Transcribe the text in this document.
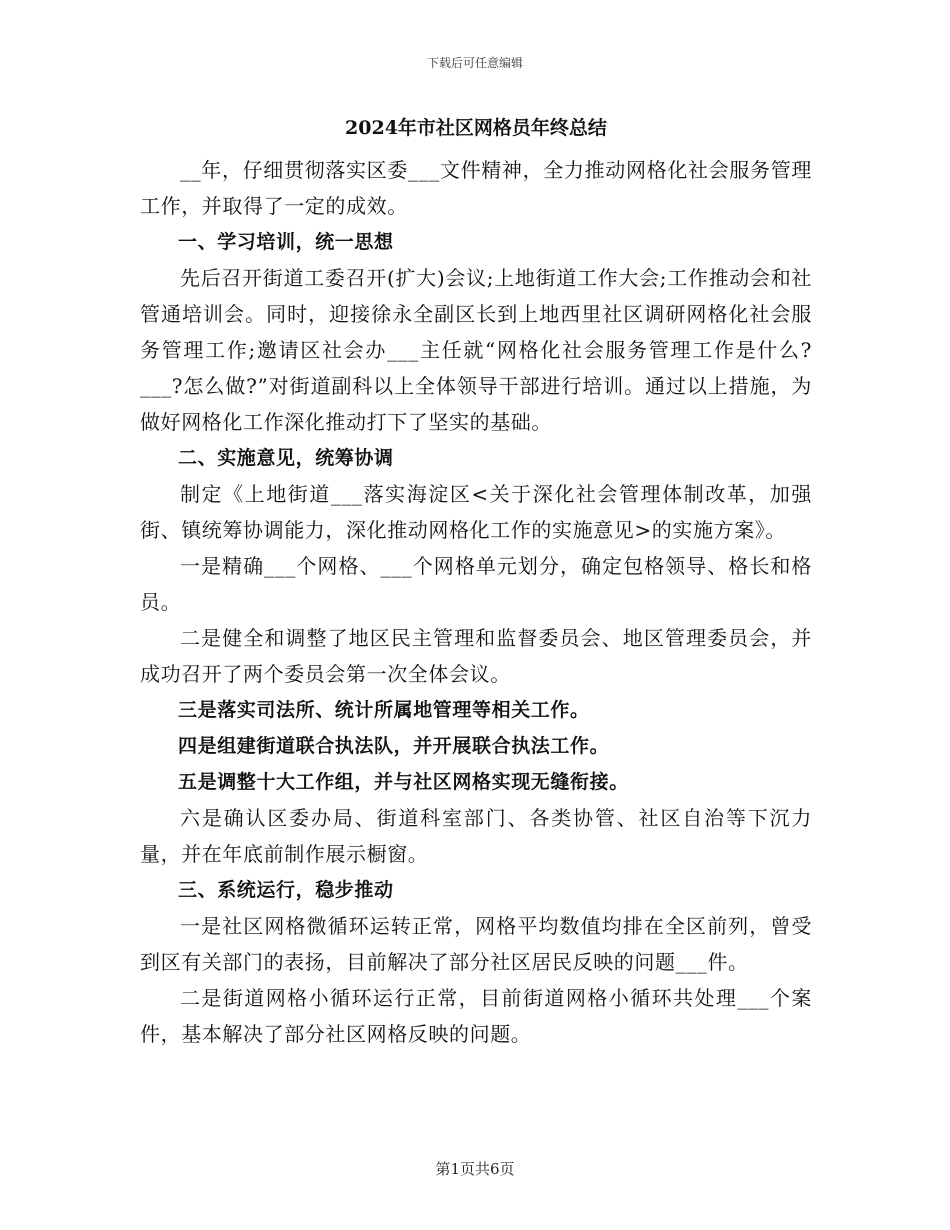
下载后可任意编辑
2024年市社区网格员年终总结

__年，仔细贯彻落实区委___文件精神，全力推动网格化社会服务管理工作，并取得了一定的成效。

一、学习培训，统一思想

先后召开街道工委召开(扩大)会议;上地街道工作大会;工作推动会和社管通培训会。同时，迎接徐永全副区长到上地西里社区调研网格化社会服务管理工作;邀请区社会办___主任就“网格化社会服务管理工作是什么?___?怎么做?”对街道副科以上全体领导干部进行培训。通过以上措施，为做好网格化工作深化推动打下了坚实的基础。

二、实施意见，统筹协调

制定《上地街道___落实海淀区<关于深化社会管理体制改革，加强街、镇统筹协调能力，深化推动网格化工作的实施意见>的实施方案》。

一是精确___个网格、___个网格单元划分，确定包格领导、格长和格员。

二是健全和调整了地区民主管理和监督委员会、地区管理委员会，并成功召开了两个委员会第一次全体会议。

三是落实司法所、统计所属地管理等相关工作。

四是组建街道联合执法队，并开展联合执法工作。

五是调整十大工作组，并与社区网格实现无缝衔接。

六是确认区委办局、街道科室部门、各类协管、社区自治等下沉力量，并在年底前制作展示橱窗。

三、系统运行，稳步推动

一是社区网格微循环运转正常，网格平均数值均排在全区前列，曾受到区有关部门的表扬，目前解决了部分社区居民反映的问题___件。

二是街道网格小循环运行正常，目前街道网格小循环共处理___个案件，基本解决了部分社区网格反映的问题。

第1页共6页
